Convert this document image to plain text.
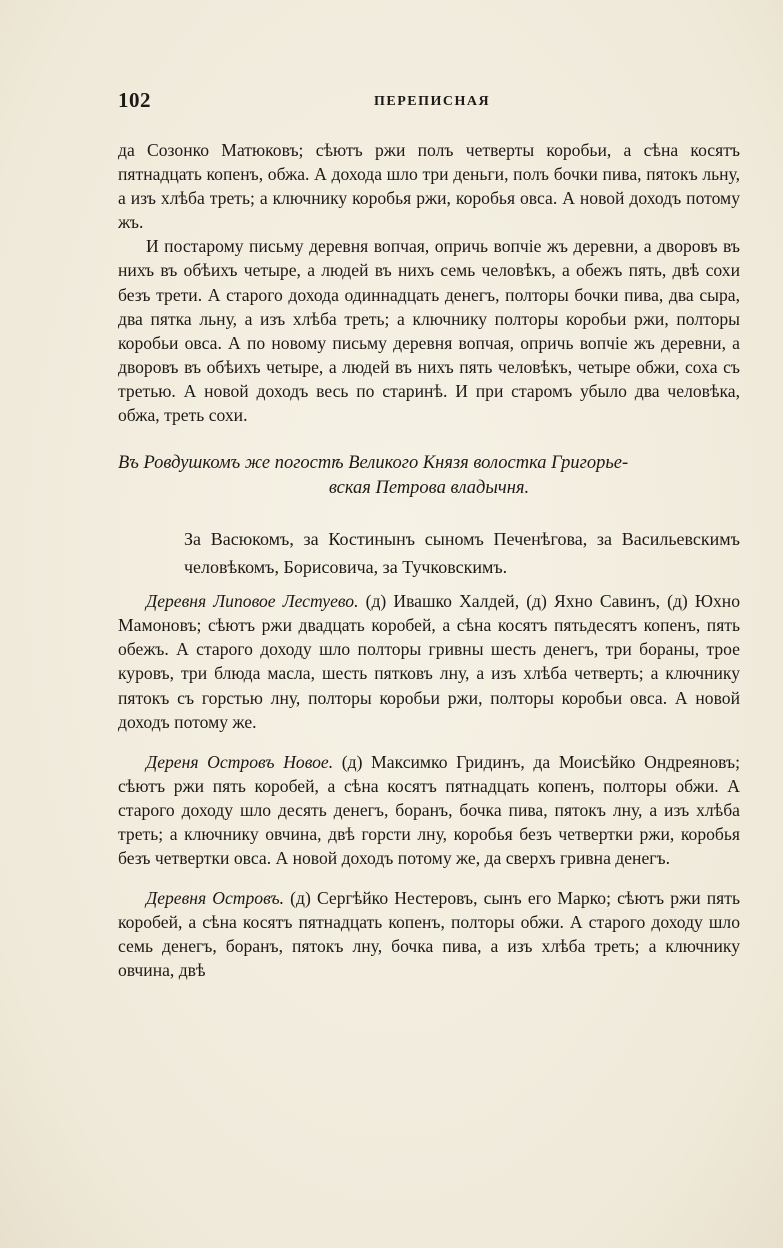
102	ПЕРЕПИСНАЯ

да Созонко Матюковъ; сѣютъ ржи полъ четверты коробьи, а сѣна косятъ пятнадцать копенъ, обжа. А дохода шло три деньги, полъ бочки пива, пятокъ льну, а изъ хлѣба треть; а ключнику коробья ржи, коробья овса. А новой доходъ потому жъ.

И постарому письму деревня вопчая, опричь вопчіе жъ деревни, а дворовъ въ нихъ въ обѣихъ четыре, а людей въ нихъ семь человѣкъ, а обежъ пять, двѣ сохи безъ трети. А старого дохода одиннадцать денегъ, полторы бочки пива, два сыра, два пятка льну, а изъ хлѣба треть; а ключнику полторы коробьи ржи, полторы коробьи овса. А по новому письму деревня вопчая, опричь вопчіе жъ деревни, а дворовъ въ обѣихъ четыре, а людей въ нихъ пять человѣкъ, четыре обжи, соха съ третью. А новой доходъ весь по старинѣ. И при старомъ убыло два человѣка, обжа, треть сохи.

Въ Ровдушкомъ же погостѣ Великого Князя волостка Григорье-
вская Петрова владычня.

За Васюкомъ, за Костинынъ сыномъ Печенѣгова, за Васильевскимъ человѣкомъ, Борисовича, за Тучковскимъ.

Деревня Липовое Лестуево. (д) Ивашко Халдей, (д) Яхно Савинъ, (д) Юхно Мамоновъ; сѣютъ ржи двадцать коробей, а сѣна косятъ пятьдесятъ копенъ, пять обежъ. А старого доходу шло полторы гривны шесть денегъ, три бораны, трое куровъ, три блюда масла, шесть пятковъ лну, а изъ хлѣба четверть; а ключнику пятокъ съ горстью лну, полторы коробьи ржи, полторы коробьи овса. А новой доходъ потому же.

Дереня Островъ Новое. (д) Максимко Гридинъ, да Моисѣйко Ондреяновъ; сѣютъ ржи пять коробей, а сѣна косятъ пятнадцать копенъ, полторы обжи. А старого доходу шло десять денегъ, боранъ, бочка пива, пятокъ лну, а изъ хлѣба треть; а ключнику овчина, двѣ горсти лну, коробья безъ четвертки ржи, коробья безъ четвертки овса. А новой доходъ потому же, да сверхъ гривна денегъ.

Деревня Островъ. (д) Сергѣйко Нестеровъ, сынъ его Марко; сѣютъ ржи пять коробей, а сѣна косятъ пятнадцать копенъ, полторы обжи. А старого доходу шло семь денегъ, боранъ, пятокъ лну, бочка пива, а изъ хлѣба треть; а ключнику овчина, двѣ
